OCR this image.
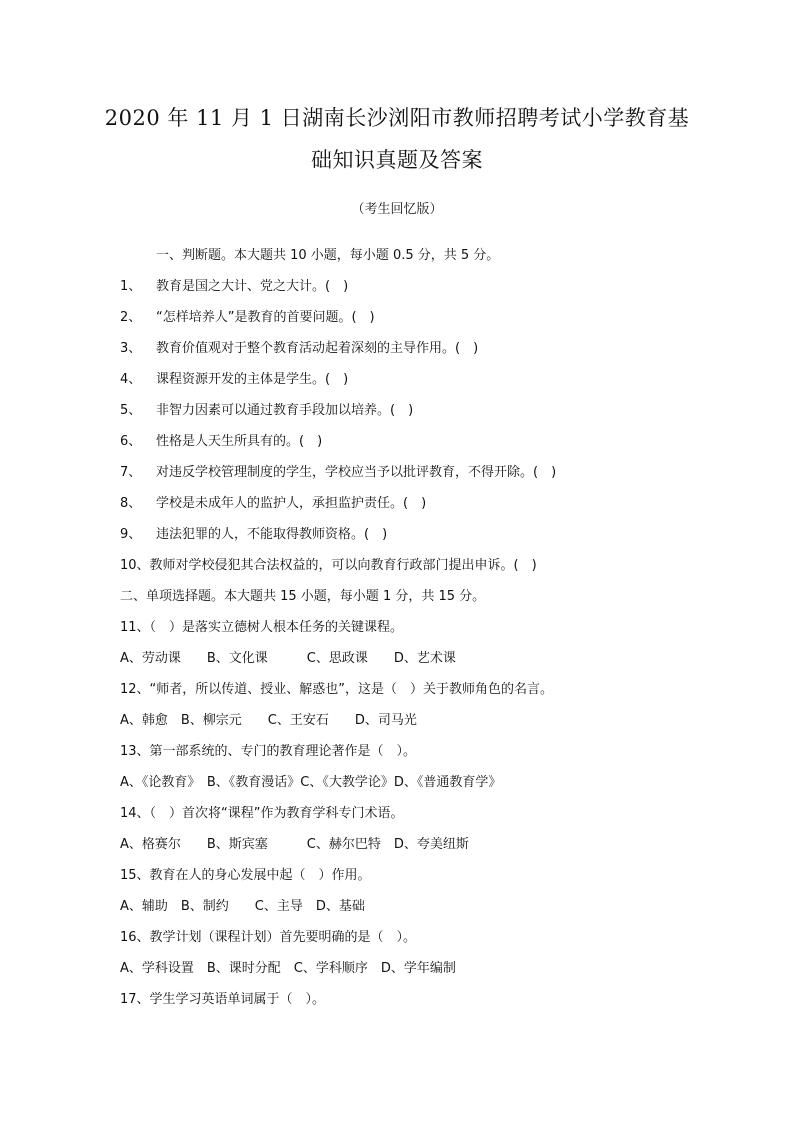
2020 年 11 月 1 日湖南长沙浏阳市教师招聘考试小学教育基
础知识真题及答案
（考生回忆版）
一、判断题。本大题共 10 小题，每小题 0.5 分，共 5 分。
1、 教育是国之大计、党之大计。(　)
2、 “怎样培养人”是教育的首要问题。(　)
3、 教育价值观对于整个教育活动起着深刻的主导作用。(　)
4、 课程资源开发的主体是学生。(　)
5、 非智力因素可以通过教育手段加以培养。(　)
6、 性格是人天生所具有的。(　)
7、 对违反学校管理制度的学生，学校应当予以批评教育，不得开除。(　)
8、 学校是未成年人的监护人，承担监护责任。(　)
9、 违法犯罪的人，不能取得教师资格。(　)
10、教师对学校侵犯其合法权益的，可以向教育行政部门提出申诉。(　)
二、单项选择题。本大题共 15 小题，每小题 1 分，共 15 分。
11、（　）是落实立德树人根本任务的关键课程。
A、劳动课　　B、文化课　　　C、思政课　　D、艺术课
12、“师者，所以传道、授业、解惑也”，这是（　）关于教师角色的名言。
A、韩愈　B、柳宗元　　C、王安石　　D、司马光
13、第一部系统的、专门的教育理论著作是（　）。
A、《论教育》　B、《教育漫话》C、《大教学论》D、《普通教育学》
14、（　）首次将“课程”作为教育学科专门术语。
A、格赛尔　　B、斯宾塞　　　C、赫尔巴特　D、夸美纽斯
15、教育在人的身心发展中起（　）作用。
A、辅助　B、制约　　C、主导　D、基础
16、教学计划（课程计划）首先要明确的是（　）。
A、学科设置　B、课时分配　C、学科顺序　D、学年编制
17、学生学习英语单词属于（　）。
